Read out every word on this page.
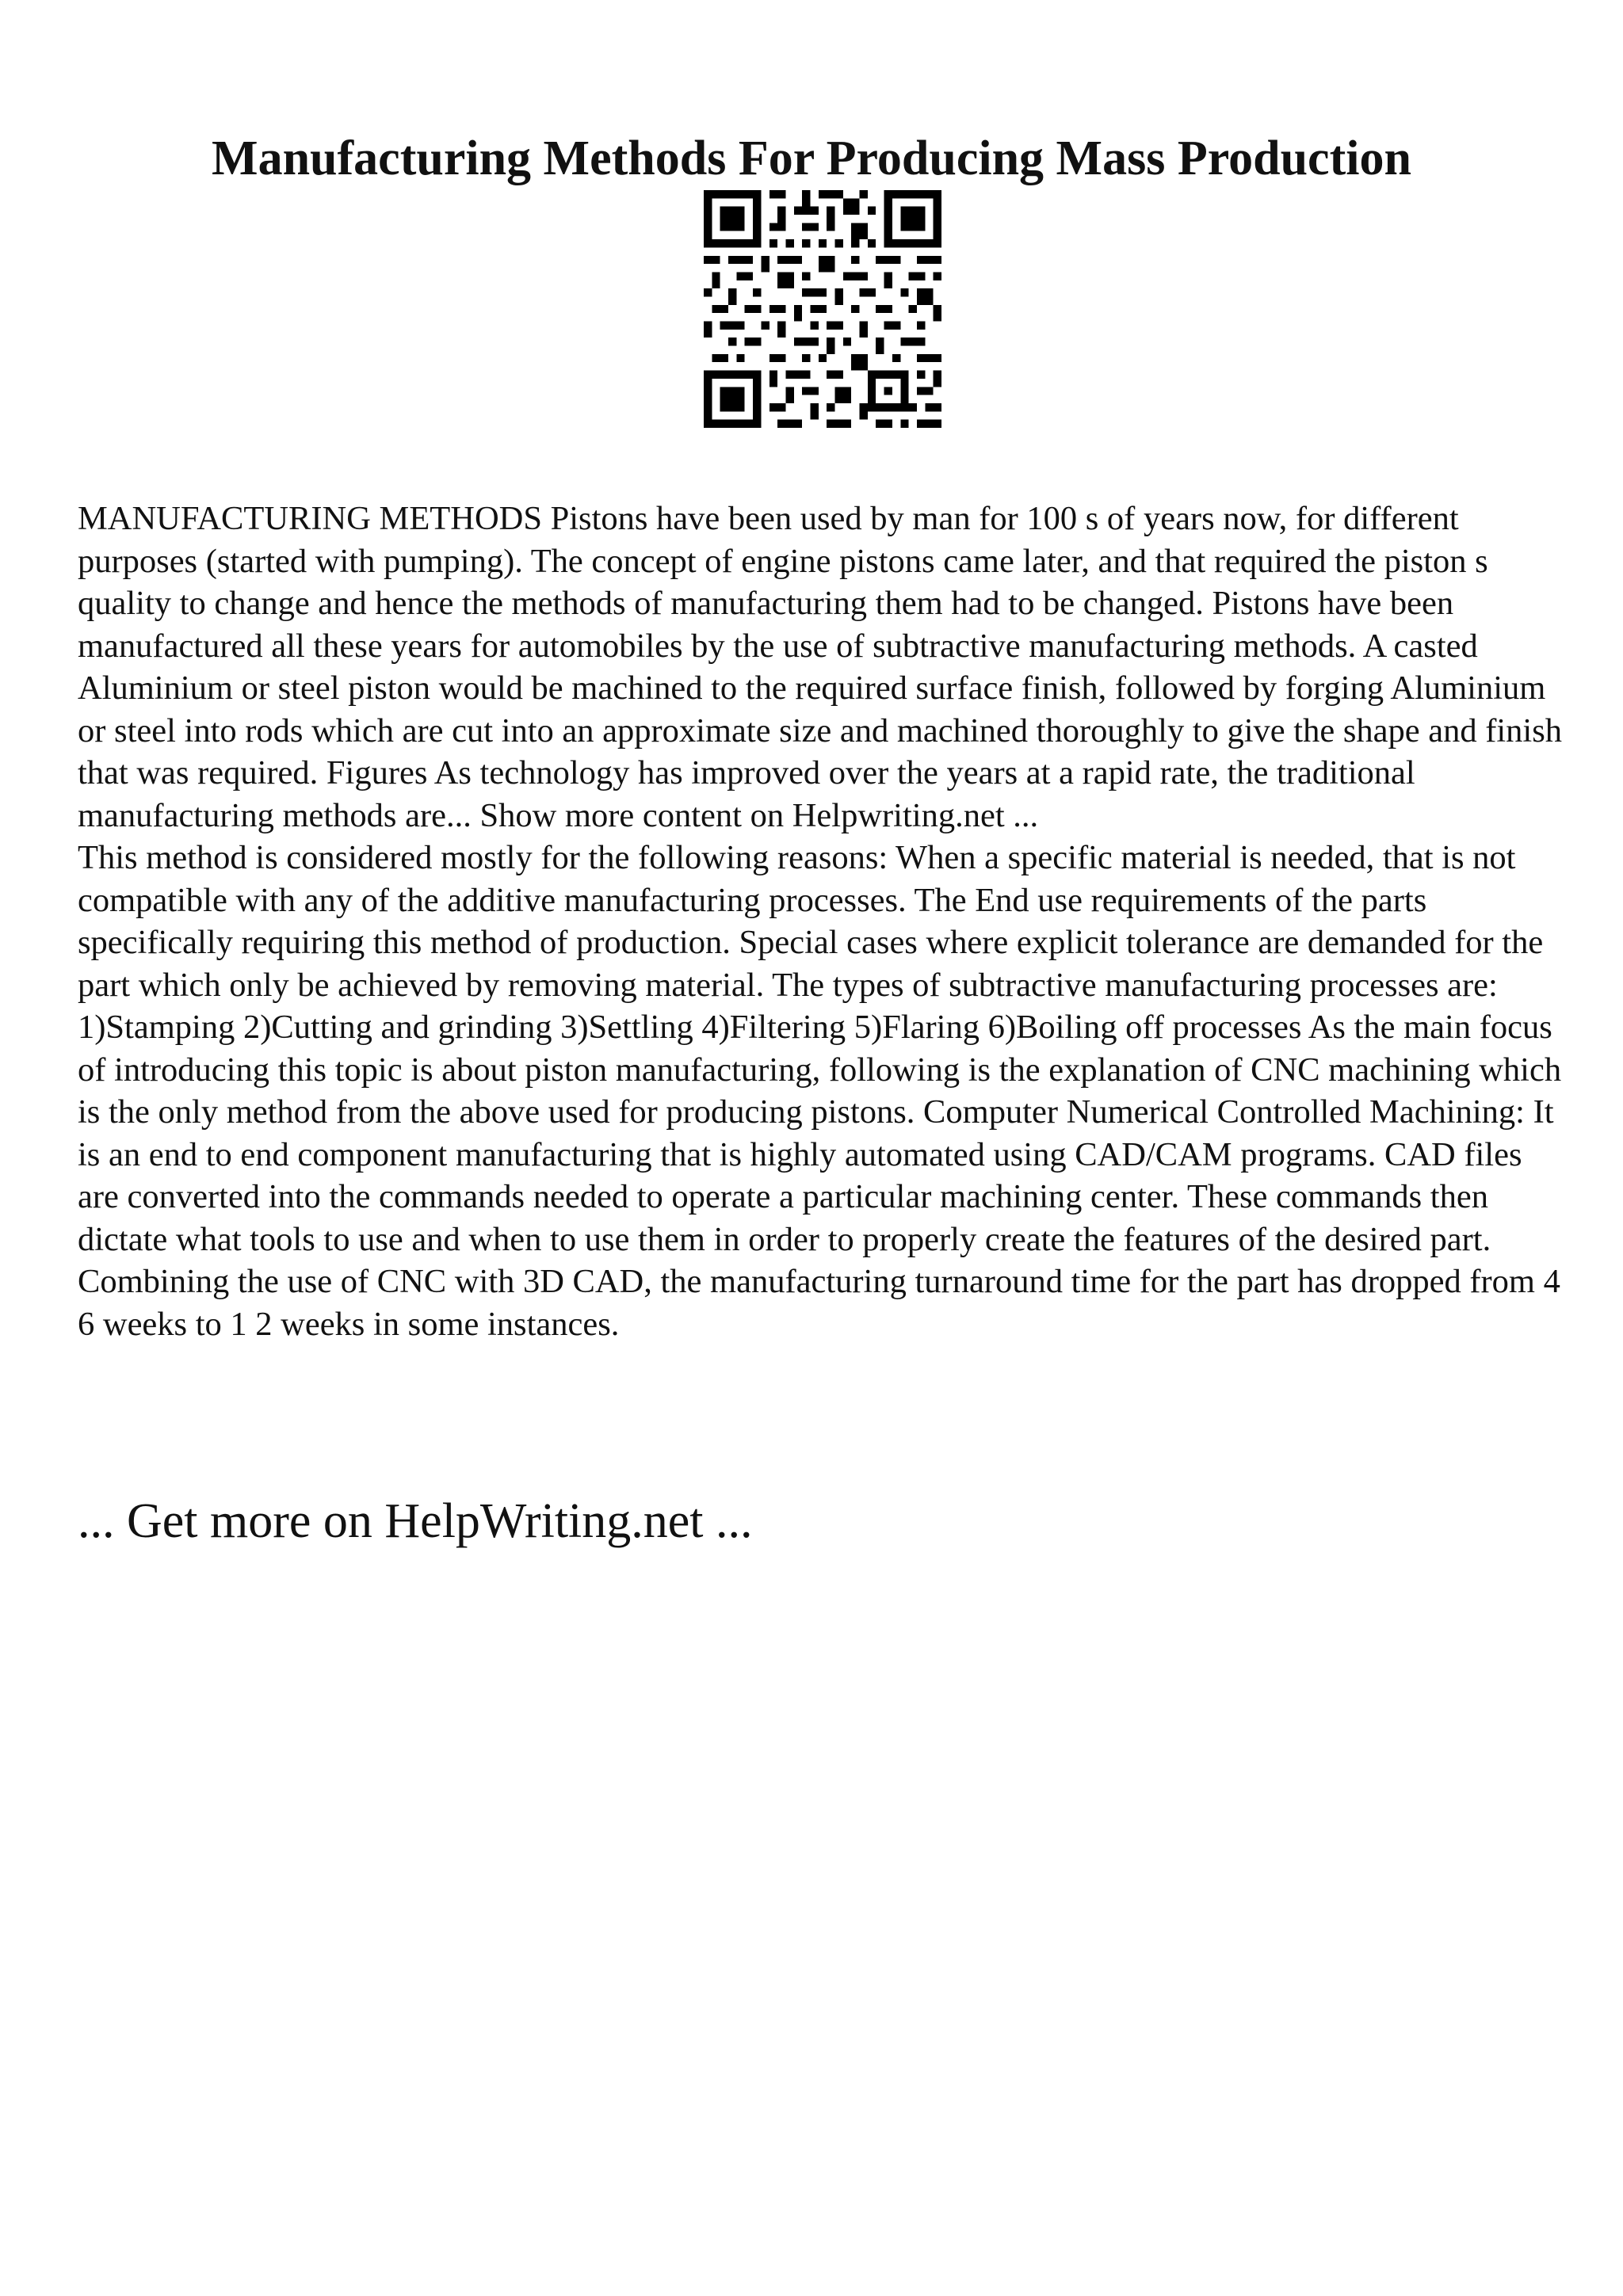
Manufacturing Methods For Producing Mass Production

MANUFACTURING METHODS Pistons have been used by man for 100 s of years now, for different purposes (started with pumping). The concept of engine pistons came later, and that required the piston s quality to change and hence the methods of manufacturing them had to be changed. Pistons have been manufactured all these years for automobiles by the use of subtractive manufacturing methods. A casted Aluminium or steel piston would be machined to the required surface finish, followed by forging Aluminium or steel into rods which are cut into an approximate size and machined thoroughly to give the shape and finish that was required. Figures As technology has improved over the years at a rapid rate, the traditional manufacturing methods are... Show more content on Helpwriting.net ...

This method is considered mostly for the following reasons: When a specific material is needed, that is not compatible with any of the additive manufacturing processes. The End use requirements of the parts specifically requiring this method of production. Special cases where explicit tolerance are demanded for the part which only be achieved by removing material. The types of subtractive manufacturing processes are: 1)Stamping 2)Cutting and grinding 3)Settling 4)Filtering 5)Flaring 6)Boiling off processes As the main focus of introducing this topic is about piston manufacturing, following is the explanation of CNC machining which is the only method from the above used for producing pistons. Computer Numerical Controlled Machining: It is an end to end component manufacturing that is highly automated using CAD/CAM programs. CAD files are converted into the commands needed to operate a particular machining center. These commands then dictate what tools to use and when to use them in order to properly create the features of the desired part. Combining the use of CNC with 3D CAD, the manufacturing turnaround time for the part has dropped from 4 6 weeks to 1 2 weeks in some instances.

... Get more on HelpWriting.net ...
